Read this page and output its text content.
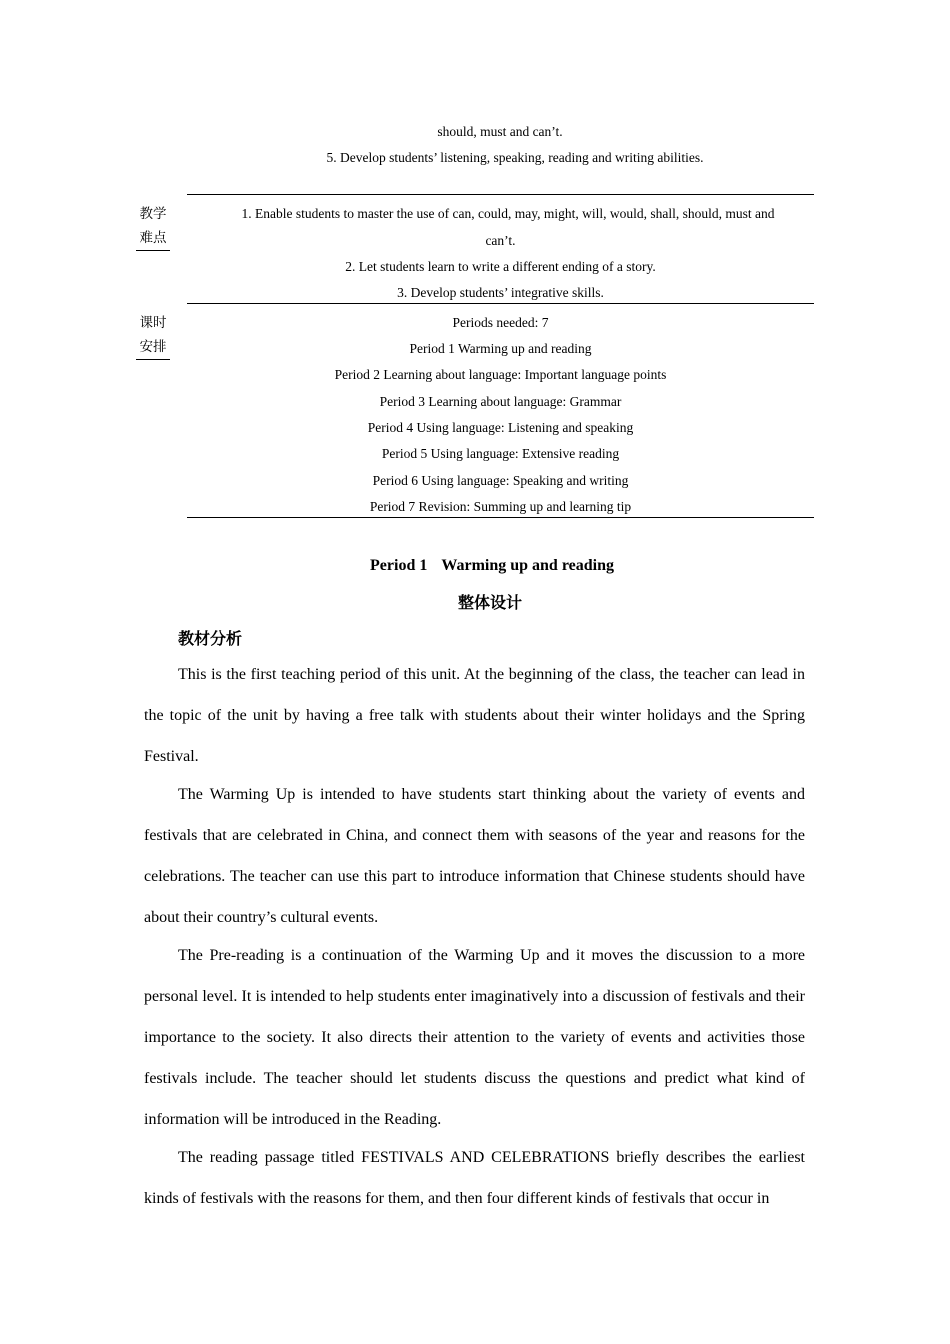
should, must and can’t.
5. Develop students’ listening, speaking, reading and writing abilities.
教学
难点
1. Enable students to master the use of can, could, may, might, will, would, shall, should, must and
can’t.
2. Let students learn to write a different ending of a story.
3. Develop students’ integrative skills.
课时
安排
Periods needed: 7
Period 1 Warming up and reading
Period 2 Learning about language: Important language points
Period 3 Learning about language: Grammar
Period 4 Using language: Listening and speaking
Period 5 Using language: Extensive reading
Period 6 Using language: Speaking and writing
Period 7 Revision: Summing up and learning tip
Period 1 Warming up and reading
整体设计
教材分析

This is the first teaching period of this unit. At the beginning of the class, the teacher can lead in the topic of the unit by having a free talk with students about their winter holidays and the Spring Festival.

The Warming Up is intended to have students start thinking about the variety of events and festivals that are celebrated in China, and connect them with seasons of the year and reasons for the celebrations. The teacher can use this part to introduce information that Chinese students should have about their country’s cultural events.

The Pre-reading is a continuation of the Warming Up and it moves the discussion to a more personal level. It is intended to help students enter imaginatively into a discussion of festivals and their importance to the society. It also directs their attention to the variety of events and activities those festivals include. The teacher should let students discuss the questions and predict what kind of information will be introduced in the Reading.

The reading passage titled FESTIVALS AND CELEBRATIONS briefly describes the earliest kinds of festivals with the reasons for them, and then four different kinds of festivals that occur in
